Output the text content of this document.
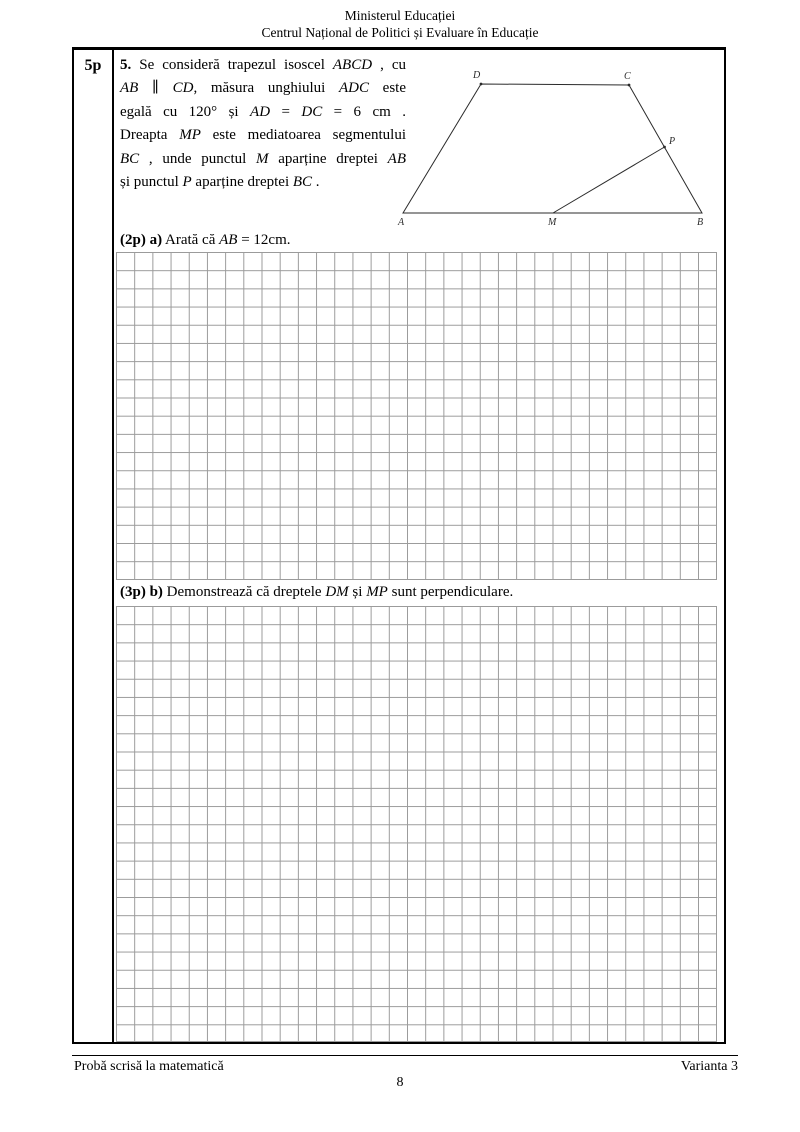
Ministerul Educației
Centrul Național de Politici și Evaluare în Educație
5p	5. Se consideră trapezul isoscel ABCD , cu
AB ∥ CD, măsura unghiului ADC este
egală cu 120° și AD = DC = 6 cm .
Dreapta MP este mediatoarea segmentului
BC , unde punctul M aparține dreptei AB
și punctul P aparține dreptei BC .
D	C
P
A	M	B
(2p) a) Arată că AB = 12cm.
(3p) b) Demonstrează că dreptele DM și MP sunt perpendiculare.
Probă scrisă la matematică	Varianta 3
8
